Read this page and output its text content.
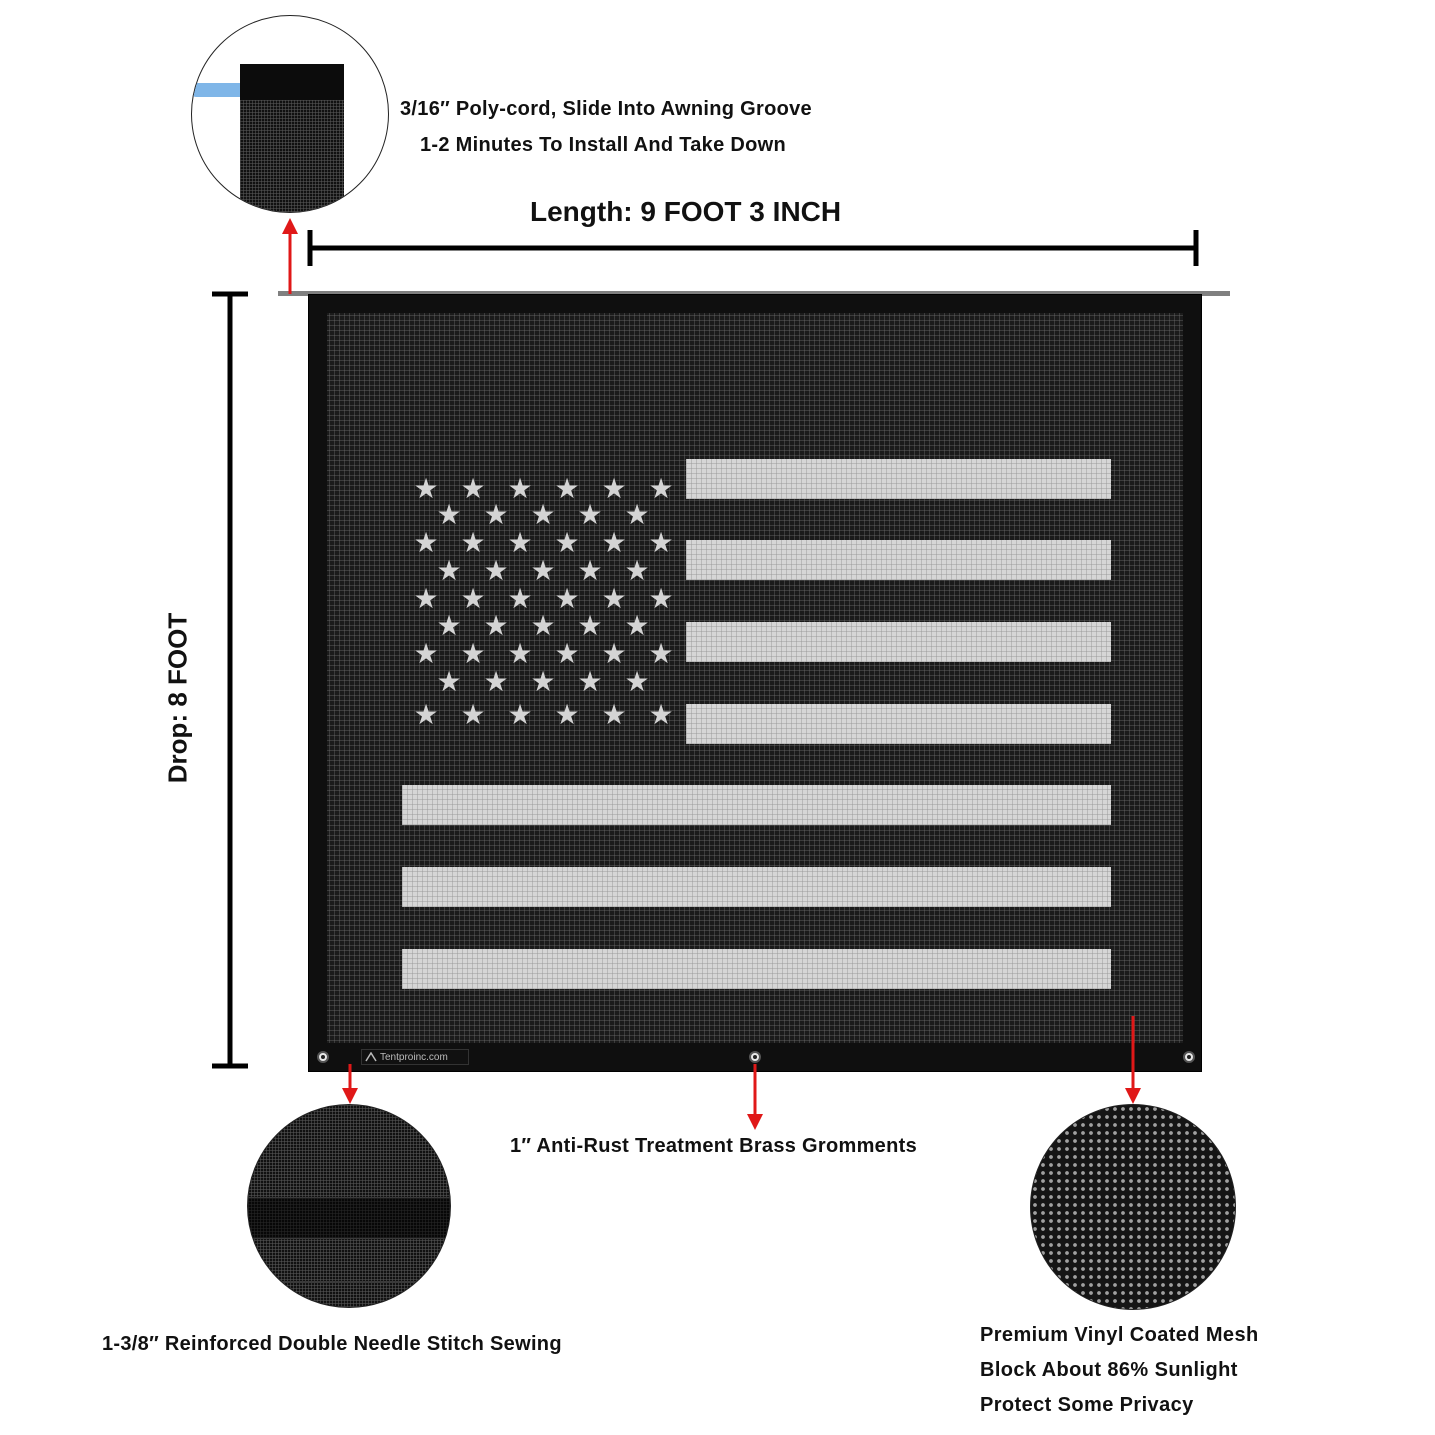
3/16″ Poly-cord, Slide Into Awning Groove
1-2 Minutes To Install And Take Down
Length: 9 FOOT 3 INCH
Drop: 8 FOOT
★ ★ ★ ★ ★ ★
★ ★ ★ ★ ★
★ ★ ★ ★ ★ ★
★ ★ ★ ★ ★
★ ★ ★ ★ ★ ★
★ ★ ★ ★ ★
★ ★ ★ ★ ★ ★
★ ★ ★ ★ ★
★ ★ ★ ★ ★ ★
Tentproinc.com
1″ Anti-Rust Treatment Brass Gromments
1-3/8″ Reinforced Double Needle Stitch Sewing	Premium Vinyl Coated Mesh
Block About 86% Sunlight
Protect Some Privacy
